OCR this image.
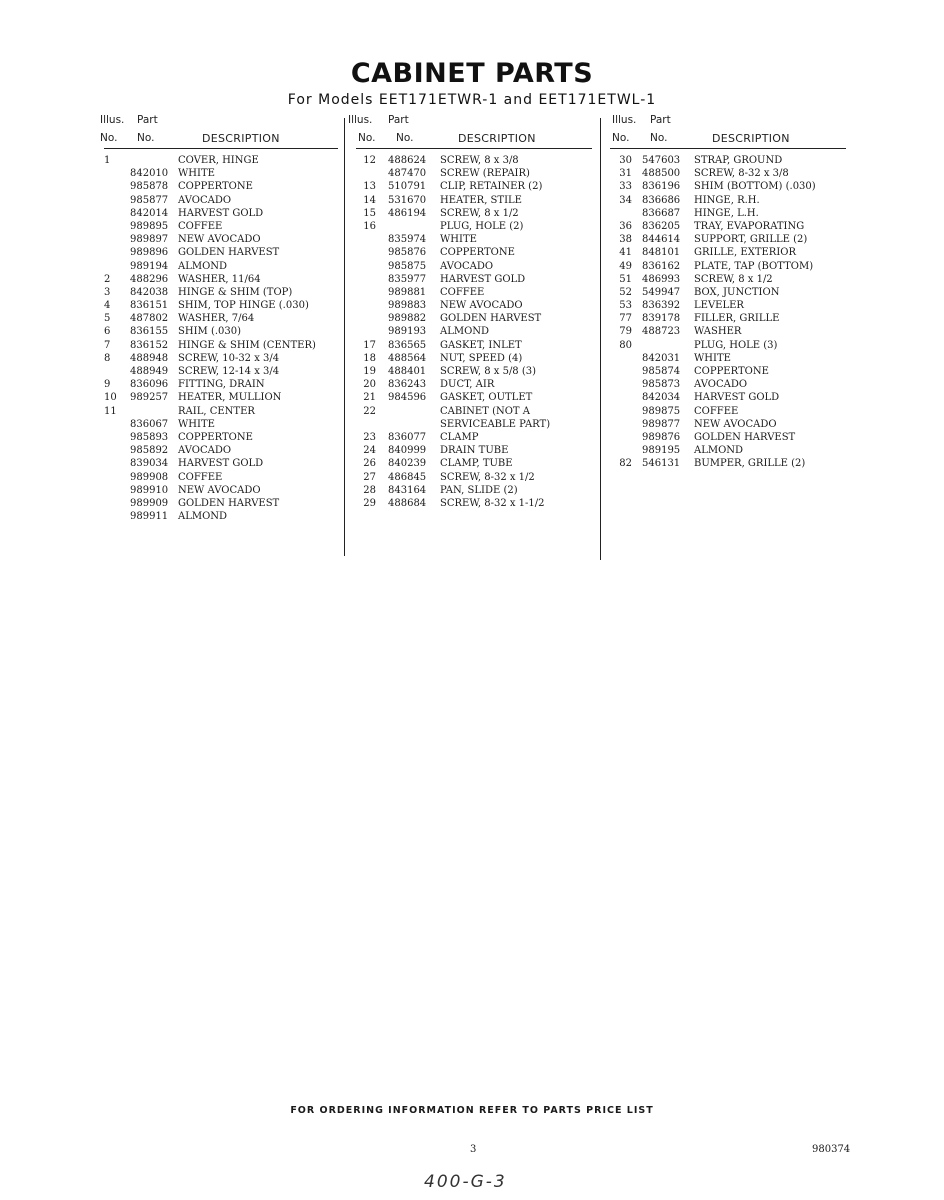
CABINET PARTS
For Models EET171ETWR-1 and EET171ETWL-1
Illus. Part
No. No.	DESCRIPTION
1	COVER, HINGE
842010 WHITE
985878 COPPERTONE
985877 AVOCADO
842014 HARVEST GOLD
989895 COFFEE
989897 NEW AVOCADO
989896 GOLDEN HARVEST
989194 ALMOND
2 488296 WASHER, 11/64
3 842038 HINGE & SHIM (TOP)
4 836151 SHIM, TOP HINGE (.030)
5 487802 WASHER, 7/64
6 836155 SHIM (.030)
7 836152 HINGE & SHIM (CENTER)
8 488948 SCREW, 10-32 x 3/4
488949 SCREW, 12-14 x 3/4
9 836096 FITTING, DRAIN
10 989257 HEATER, MULLION
11	RAIL, CENTER
836067 WHITE
985893 COPPERTONE
985892 AVOCADO
839034 HARVEST GOLD
989908 COFFEE
989910 NEW AVOCADO
989909 GOLDEN HARVEST
989911 ALMOND
Illus. Part
No. No.	DESCRIPTION
12 488624 SCREW, 8 x 3/8
487470 SCREW (REPAIR)
13 510791 CLIP, RETAINER (2)
14 531670 HEATER, STILE
15 486194 SCREW, 8 x 1/2
16	PLUG, HOLE (2)
835974 WHITE
985876 COPPERTONE
985875 AVOCADO
835977 HARVEST GOLD
989881 COFFEE
989883 NEW AVOCADO
989882 GOLDEN HARVEST
989193 ALMOND
17 836565 GASKET, INLET
18 488564 NUT, SPEED (4)
19 488401 SCREW, 8 x 5/8 (3)
20 836243 DUCT, AIR
21 984596 GASKET, OUTLET
22	CABINET (NOT A
SERVICEABLE PART)
23 836077 CLAMP
24 840999 DRAIN TUBE
26 840239 CLAMP, TUBE
27 486845 SCREW, 8-32 x 1/2
28 843164 PAN, SLIDE (2)
29 488684 SCREW, 8-32 x 1-1/2
Illus. Part
No. No.	DESCRIPTION
30 547603 STRAP, GROUND
31 488500 SCREW, 8-32 x 3/8
33 836196 SHIM (BOTTOM) (.030)
34 836686 HINGE, R.H.
836687 HINGE, L.H.
36 836205 TRAY, EVAPORATING
38 844614 SUPPORT, GRILLE (2)
41 848101 GRILLE, EXTERIOR
49 836162 PLATE, TAP (BOTTOM)
51 486993 SCREW, 8 x 1/2
52 549947 BOX, JUNCTION
53 836392 LEVELER
77 839178 FILLER, GRILLE
79 488723 WASHER
80	PLUG, HOLE (3)
842031 WHITE
985874 COPPERTONE
985873 AVOCADO
842034 HARVEST GOLD
989875 COFFEE
989877 NEW AVOCADO
989876 GOLDEN HARVEST
989195 ALMOND
82 546131 BUMPER, GRILLE (2)
FOR ORDERING INFORMATION REFER TO PARTS PRICE LIST
3	980374
400-G-3
